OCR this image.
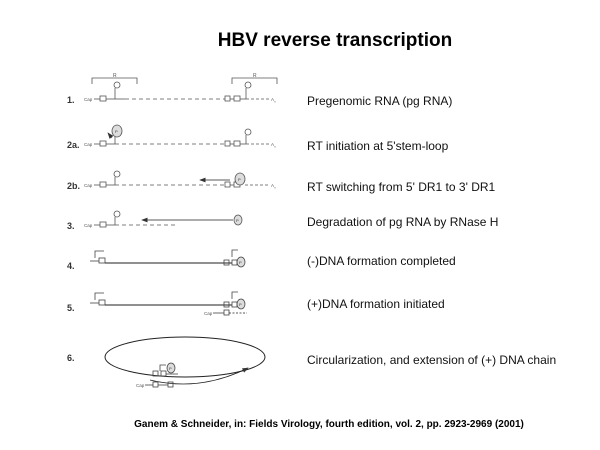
HBV reverse transcription
1.
2a.
2b.
3.
4.
5.
6.
Pregenomic RNA (pg RNA)
RT initiation at 5'stem-loop
RT switching from 5' DR1 to 3' DR1
Degradation of pg RNA by RNase H
(-)DNA formation completed
(+)DNA formation initiated
Circularization, and extension of (+) DNA chain
R	R
Cap	$A_n$
Cap
P
$A_n$
Cap
P
$A_n$
Cap
P
P
P
Cap
P
Cap
Ganem & Schneider, in: Fields Virology, fourth edition, vol. 2, pp. 2923-2969 (2001)
